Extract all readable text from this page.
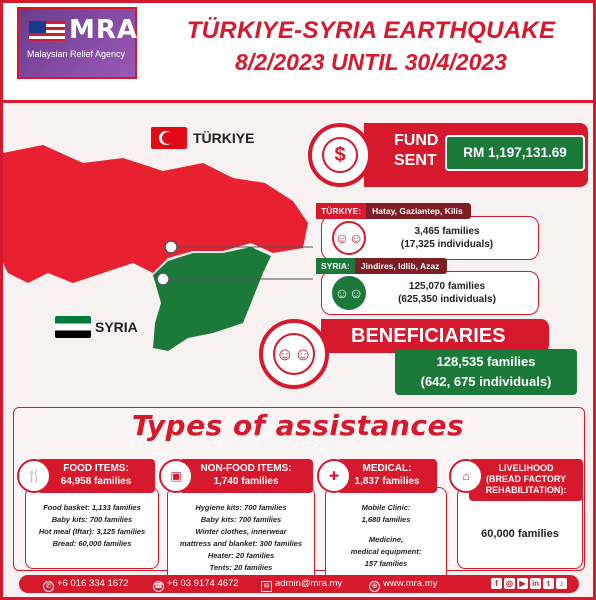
MRA
Malaysian Relief Agency
TÜRKIYE-SYRIA EARTHQUAKE
8/2/2023 UNTIL 30/4/2023
TÜRKIYE
SYRIA
$
FUND
SENT	RM 1,197,131.69
TÜRKIYE: Hatay, Gaziantep, Kilis
☺☺	3,465 families
(17,325 individuals)
SYRIA: Jindires, Idlib, Azaz
☺☺	125,070 families
(625,350 individuals)
BENEFICIARIES
☺☺	128,535 families
(642, 675 individuals)
Types of assistances
Food basket: 1,133 families
Baby kits: 700 families
Hot meal (Iftar): 3,125 families
Bread: 60,000 families
FOOD ITEMS:
64,958 families
🍴
Hygiene kits: 700 families
Baby kits: 700 families
Winter clothes, innerwear
mattress and blanket: 300 families
Heater: 20 families
Tents: 20 families
NON-FOOD ITEMS:
1,740 families
▣
Mobile Clinic:
1,680 families
Medicine,
medical equipment:
157 families
MEDICAL:
1,837 families
✚
60,000 families
LIVELIHOOD
(BREAD FACTORY REHABILITATION):
⌂
✆ +6 016 334 1672	☎ +6 03 9174 4672	✉ admin@mra.my	⊕ www.mra.my	f ◎ ▶ in t ♪
